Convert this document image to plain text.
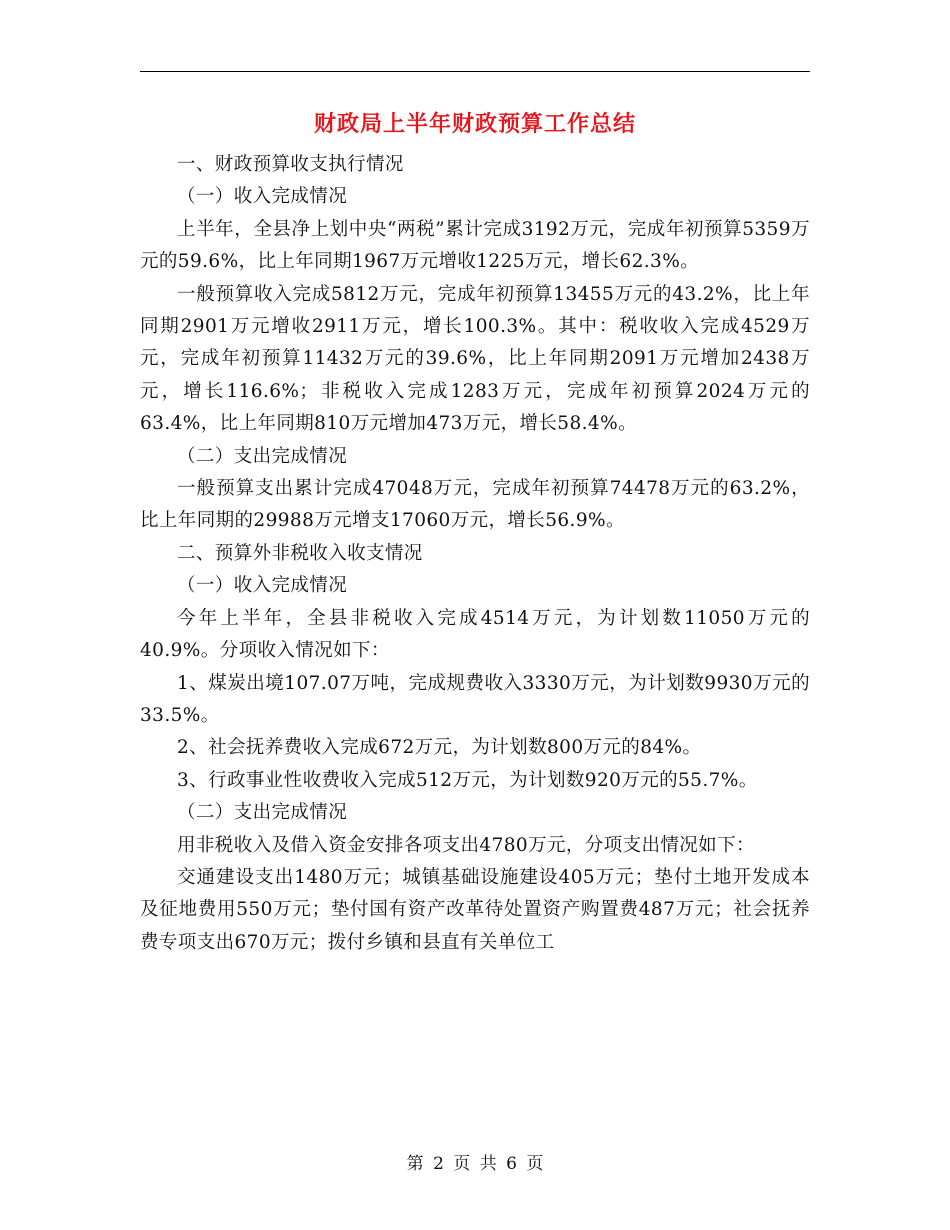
财政局上半年财政预算工作总结

一、财政预算收支执行情况

（一）收入完成情况

上半年，全县净上划中央“两税”累计完成3192万元，完成年初预算5359万元的59.6%，比上年同期1967万元增收1225万元，增长62.3%。

一般预算收入完成5812万元，完成年初预算13455万元的43.2%，比上年同期2901万元增收2911万元，增长100.3%。其中：税收收入完成4529万元，完成年初预算11432万元的39.6%，比上年同期2091万元增加2438万元，增长116.6%；非税收入完成1283万元，完成年初预算2024万元的63.4%，比上年同期810万元增加473万元，增长58.4%。

（二）支出完成情况

一般预算支出累计完成47048万元，完成年初预算74478万元的63.2%，比上年同期的29988万元增支17060万元，增长56.9%。

二、预算外非税收入收支情况

（一）收入完成情况

今年上半年，全县非税收入完成4514万元，为计划数11050万元的40.9%。分项收入情况如下：

1、煤炭出境107.07万吨，完成规费收入3330万元，为计划数9930万元的33.5%。

2、社会抚养费收入完成672万元，为计划数800万元的84%。

3、行政事业性收费收入完成512万元，为计划数920万元的55.7%。

（二）支出完成情况

用非税收入及借入资金安排各项支出4780万元，分项支出情况如下：

交通建设支出1480万元；城镇基础设施建设405万元；垫付土地开发成本及征地费用550万元；垫付国有资产改革待处置资产购置费487万元；社会抚养费专项支出670万元；拨付乡镇和县直有关单位工

第 2 页 共 6 页
